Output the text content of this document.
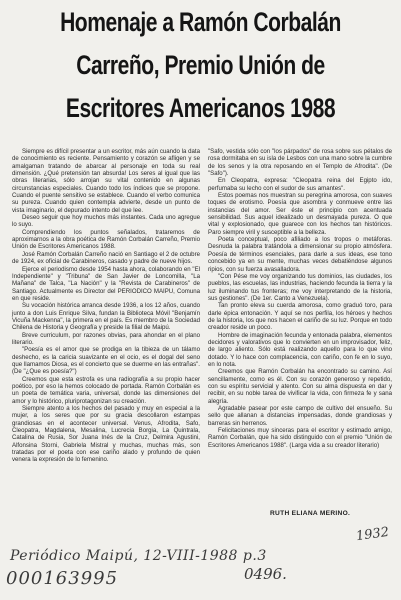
Homenaje a Ramón Corbalán
Carreño, Premio Unión de
Escritores Americanos 1988

Siempre es difícil presentar a un escritor, más aún cuando la data de conocimiento es reciente. Pensamiento y corazón se afligen y se amalgaman tratando de abarcar al personaje en toda su real dimensión. ¿Qué pretensión tan absurda! Los seres al igual que las obras literarias, sólo arrojan su vital contenido en algunas circunstancias especiales. Cuando todo los índices que se propone. Cuando el puente sensitivo se establece. Cuando el verbo comunica su pureza. Cuando quien contempla advierte, desde un punto de vista imaginario, el depurado intento del que lee.

Deseo seguir que hoy muchos más instantes. Cada uno agregue lo suyo.

Comprendiendo los puntos señalados, trataremos de aproximarnos a la obra poética de Ramón Corbalán Carreño, Premio Unión de Escritores Americanos 1988.

José Ramón Corbalán Carreño nació en Santiago el 2 de octubre de 1924, ex oficial de Carabineros, casado y padre de nueve hijos.

Ejerce el periodismo desde 1954 hasta ahora, colaborando en "El Independiente" y "Tribuna" de San Javier de Loncomilla, "La Mañana" de Talca, "La Nación" y la "Revista de Carabineros" de Santiago. Actualmente es Director del PERIODICO MAIPU, Comuna en que reside.

Su vocación histórica arranca desde 1936, a los 12 años, cuando junto a don Luis Enrique Silva, fundan la Biblioteca Móvil "Benjamín Vicuña Mackenna", la primera en el país. Es miembro de la Sociedad Chilena de Historia y Geografía y preside la filial de Maipú.

Breve curriculum, por razones obvias, para ahondar en el plano literario.

"Poesía es el amor que se prodiga en la tibieza de un tálamo deshecho, es la caricia suavizante en el ocio, es el dogal del seno que llamamos Diosa, es el concierto que se duerme en las entrañas". (De "¿Que es poesía?")

Creemos que esta estrofa es una radiografía a su propio hacer poético, por eso la hemos colocado de portada. Ramón Corbalán es un poeta de temática varia, universal, donde las dimensiones del amor y lo histórico, pluriprotagonizan su creación.

Siempre atento a los hechos del pasado y muy en especial a la mujer, a los seres que por su gracia descollaron estampas grandiosas en el acontecer universal. Venus, Afrodita, Safo, Cleopatra, Magdalena, Mesalina, Lucrecia Borgia, La Quintrala, Catalina de Rusia, Sor Juana Inés de la Cruz, Delmira Agustini, Alfonsina Storni, Gabriela Mistral y muchas, muchas más, son tratadas por el poeta con ese cariño alado y profundo de quien venera la expresión de lo femenino.

"Safo, vestida sólo con "los párpados" de rosa sobre sus pétalos de rosa dormitaba en su isla de Lesbos con una mano sobre la cumbre de los senos y la otra reposando en el Templo de Afrodita". (De "Safo").

En Cleopatra, expresa: "Cleopatra reina del Egipto ido, perfumaba su lecho con el sudor de sus amantes".

Estos poemas nos muestran su peregrina amorosa, con suaves toques de erotismo. Poesía que asombra y conmueve entre las instancias del amor. Ser éste el principio con acentuada sensibilidad. Sus aquel idealizado un desmayada pureza. O que vital y explosionado, que guarece con los hechos tan históricos. Paro siempre viril y susceptible a la belleza.

Poeta conceptual, poco afiliado a los tropos o metáforas. Desnuda la palabra tratándola a dimensionar su propio atmósfera. Poesía de términos esenciales, para darle a sus ideas, ese tono concebido ya en su mente, muchas veces debatiéndose algunos ripios, con su fuerza avasalladora.

"Con Pése me voy organizando tus dominios, las ciudades, los pueblos, las escuelas, las industrias, haciendo fecunda la tierra y la luz iluminando tus fronteras; me voy interpretando de la historia, sus gestiones". (De 1er. Canto a Venezuela).

Tan pronto eleva su cuerda amorosa, como graduó toro, para darle épica entonación. Y aquí se nos perfila, los héroes y hechos de la historia, los que nos hacen el cariño de su luz. Porque en todo creador reside un poco.

Hombre de imaginación fecunda y entonada palabra, elementos decidores y valorativos que lo convierten en un improvisador, feliz, de largo aliento. Sólo está realizando aquello para lo que vino dotado. Y lo hace con complacencia, con cariño, con fe en lo suyo, en lo nota.

Creemos que Ramón Corbalán ha encontrado su camino. Así sencillamente, como es él. Con su corazón generoso y repetido, con su espíritu servicial y atento. Con su alma dispuesta en dar y recibir, en su noble tarea de vivificar la vida, con firmeza fe y sana alegría.

Agradable pasear por este campo de cultivo del ensueño. Su sello que allanan a distancias impensadas, donde grandiosas y barreras sin herrenos.

Felicitaciones muy sinceras para el escritor y estimado amigo, Ramón Corbalán, que ha sido distinguido con el premio "Unión de Escritores Americanos 1988". (Larga vida a su creador literario)

RUTH ELIANA MERINO.
Periódico Maipú, 12-VIII-1988 p.3
000163995	0496.
1932
